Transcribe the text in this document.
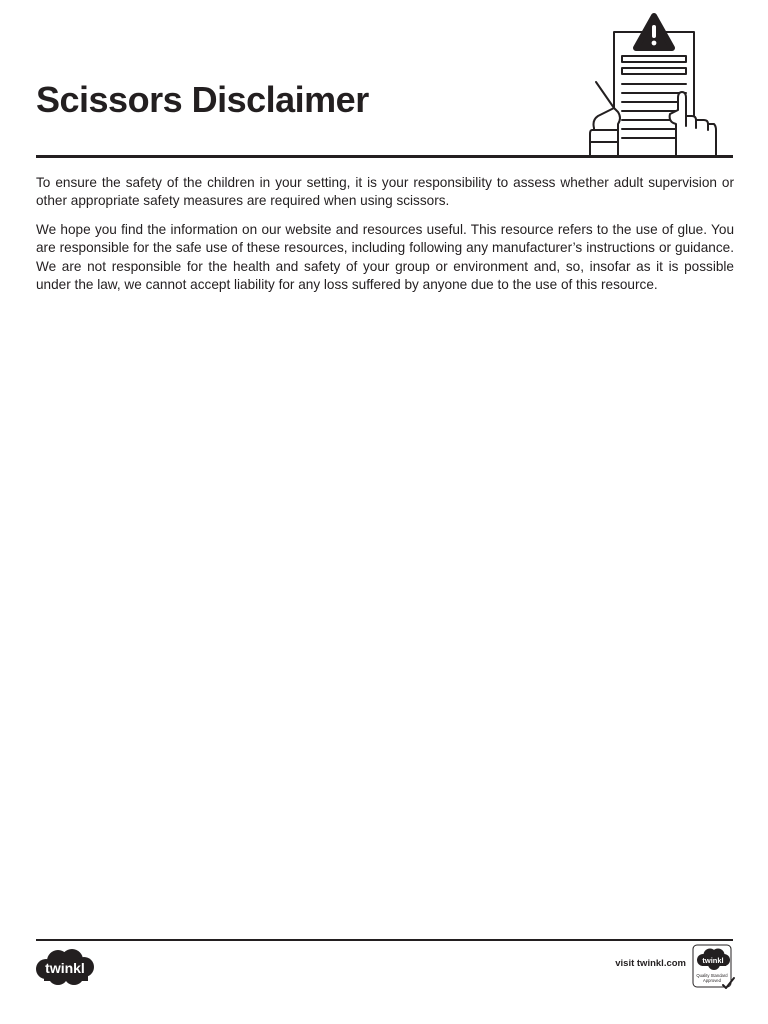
Scissors Disclaimer

To ensure the safety of the children in your setting, it is your responsibility to assess whether adult supervision or other appropriate safety measures are required when using scissors.

We hope you find the information on our website and resources useful. This resource refers to the use of glue. You are responsible for the safe use of these resources, including following any manufacturer’s instructions or guidance. We are not responsible for the health and safety of your group or environment and, so, insofar as it is possible under the law, we cannot accept liability for any loss suffered by anyone due to the use of this resource.

twinkl	visit twinkl.com twinkl
Quality Standard
Approved
